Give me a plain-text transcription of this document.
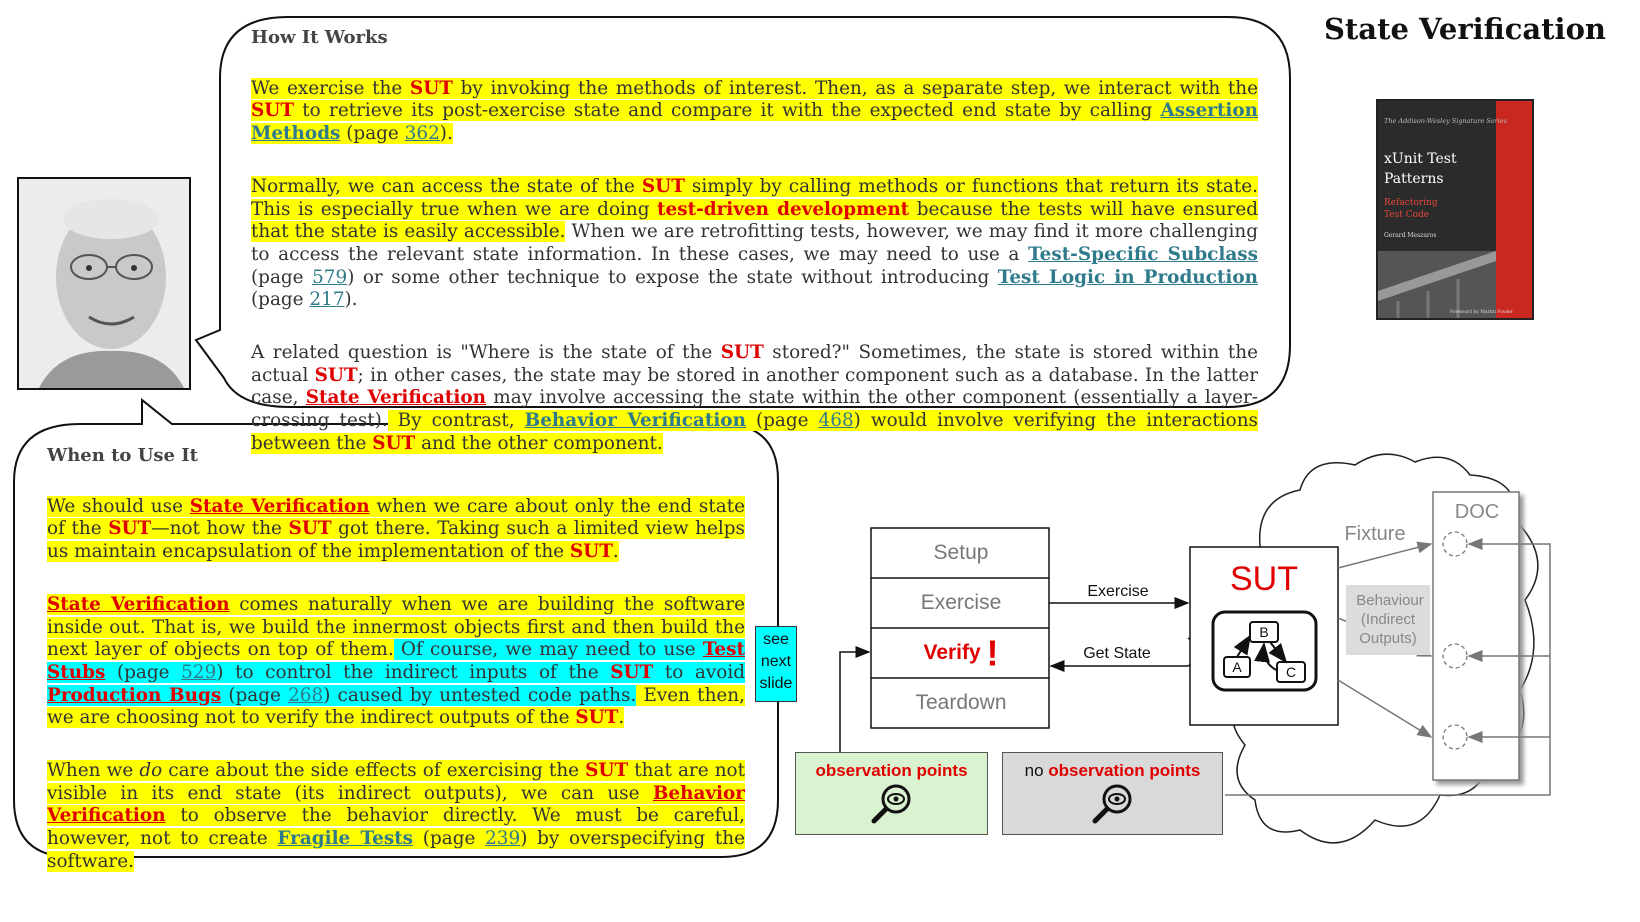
State Verification
The Addison-Wesley Signature Series
xUnit Test
Patterns
Refactoring
Test Code
Gerard Meszaros
Foreword by Martin Fowler
How It Works

We exercise the SUT by invoking the methods of interest. Then, as a separate step, we interact with the SUT to retrieve its post-exercise state and compare it with the expected end state by calling Assertion Methods (page 362).

Normally, we can access the state of the SUT simply by calling methods or functions that return its state. This is especially true when we are doing test-driven development because the tests will have ensured that the state is easily accessible. When we are retrofitting tests, however, we may find it more challenging to access the relevant state information. In these cases, we may need to use a Test-Specific Subclass (page 579) or some other technique to expose the state without introducing Test Logic in Production (page 217).

A related question is "Where is the state of the SUT stored?" Sometimes, the state is stored within the actual SUT; in other cases, the state may be stored in another component such as a database. In the latter case, State Verification may involve accessing the state within the other component (essentially a layer-crossing test). By contrast, Behavior Verification (page 468) would involve verifying the interactions between the SUT and the other component.

When to Use It

We should use State Verification when we care about only the end state of the SUT—not how the SUT got there. Taking such a limited view helps us maintain encapsulation of the implementation of the SUT.

State Verification comes naturally when we are building the software inside out. That is, we build the innermost objects first and then build the next layer of objects on top of them. Of course, we may need to use Test Stubs (page 529) to control the indirect inputs of the SUT to avoid Production Bugs (page 268) caused by untested code paths. Even then, we are choosing not to verify the indirect outputs of the SUT.

When we do care about the side effects of exercising the SUT that are not visible in its end state (its indirect outputs), we can use Behavior Verification to observe the behavior directly. We must be careful, however, not to create Fragile Tests (page 239) by overspecifying the software.

see
next
slide
Exercise
Get State
SUT
B
A	C
DOC
Fixture
Behaviour
(Indirect
Outputs)
Setup
Exercise
Verify !
Teardown
observation points	no observation points
